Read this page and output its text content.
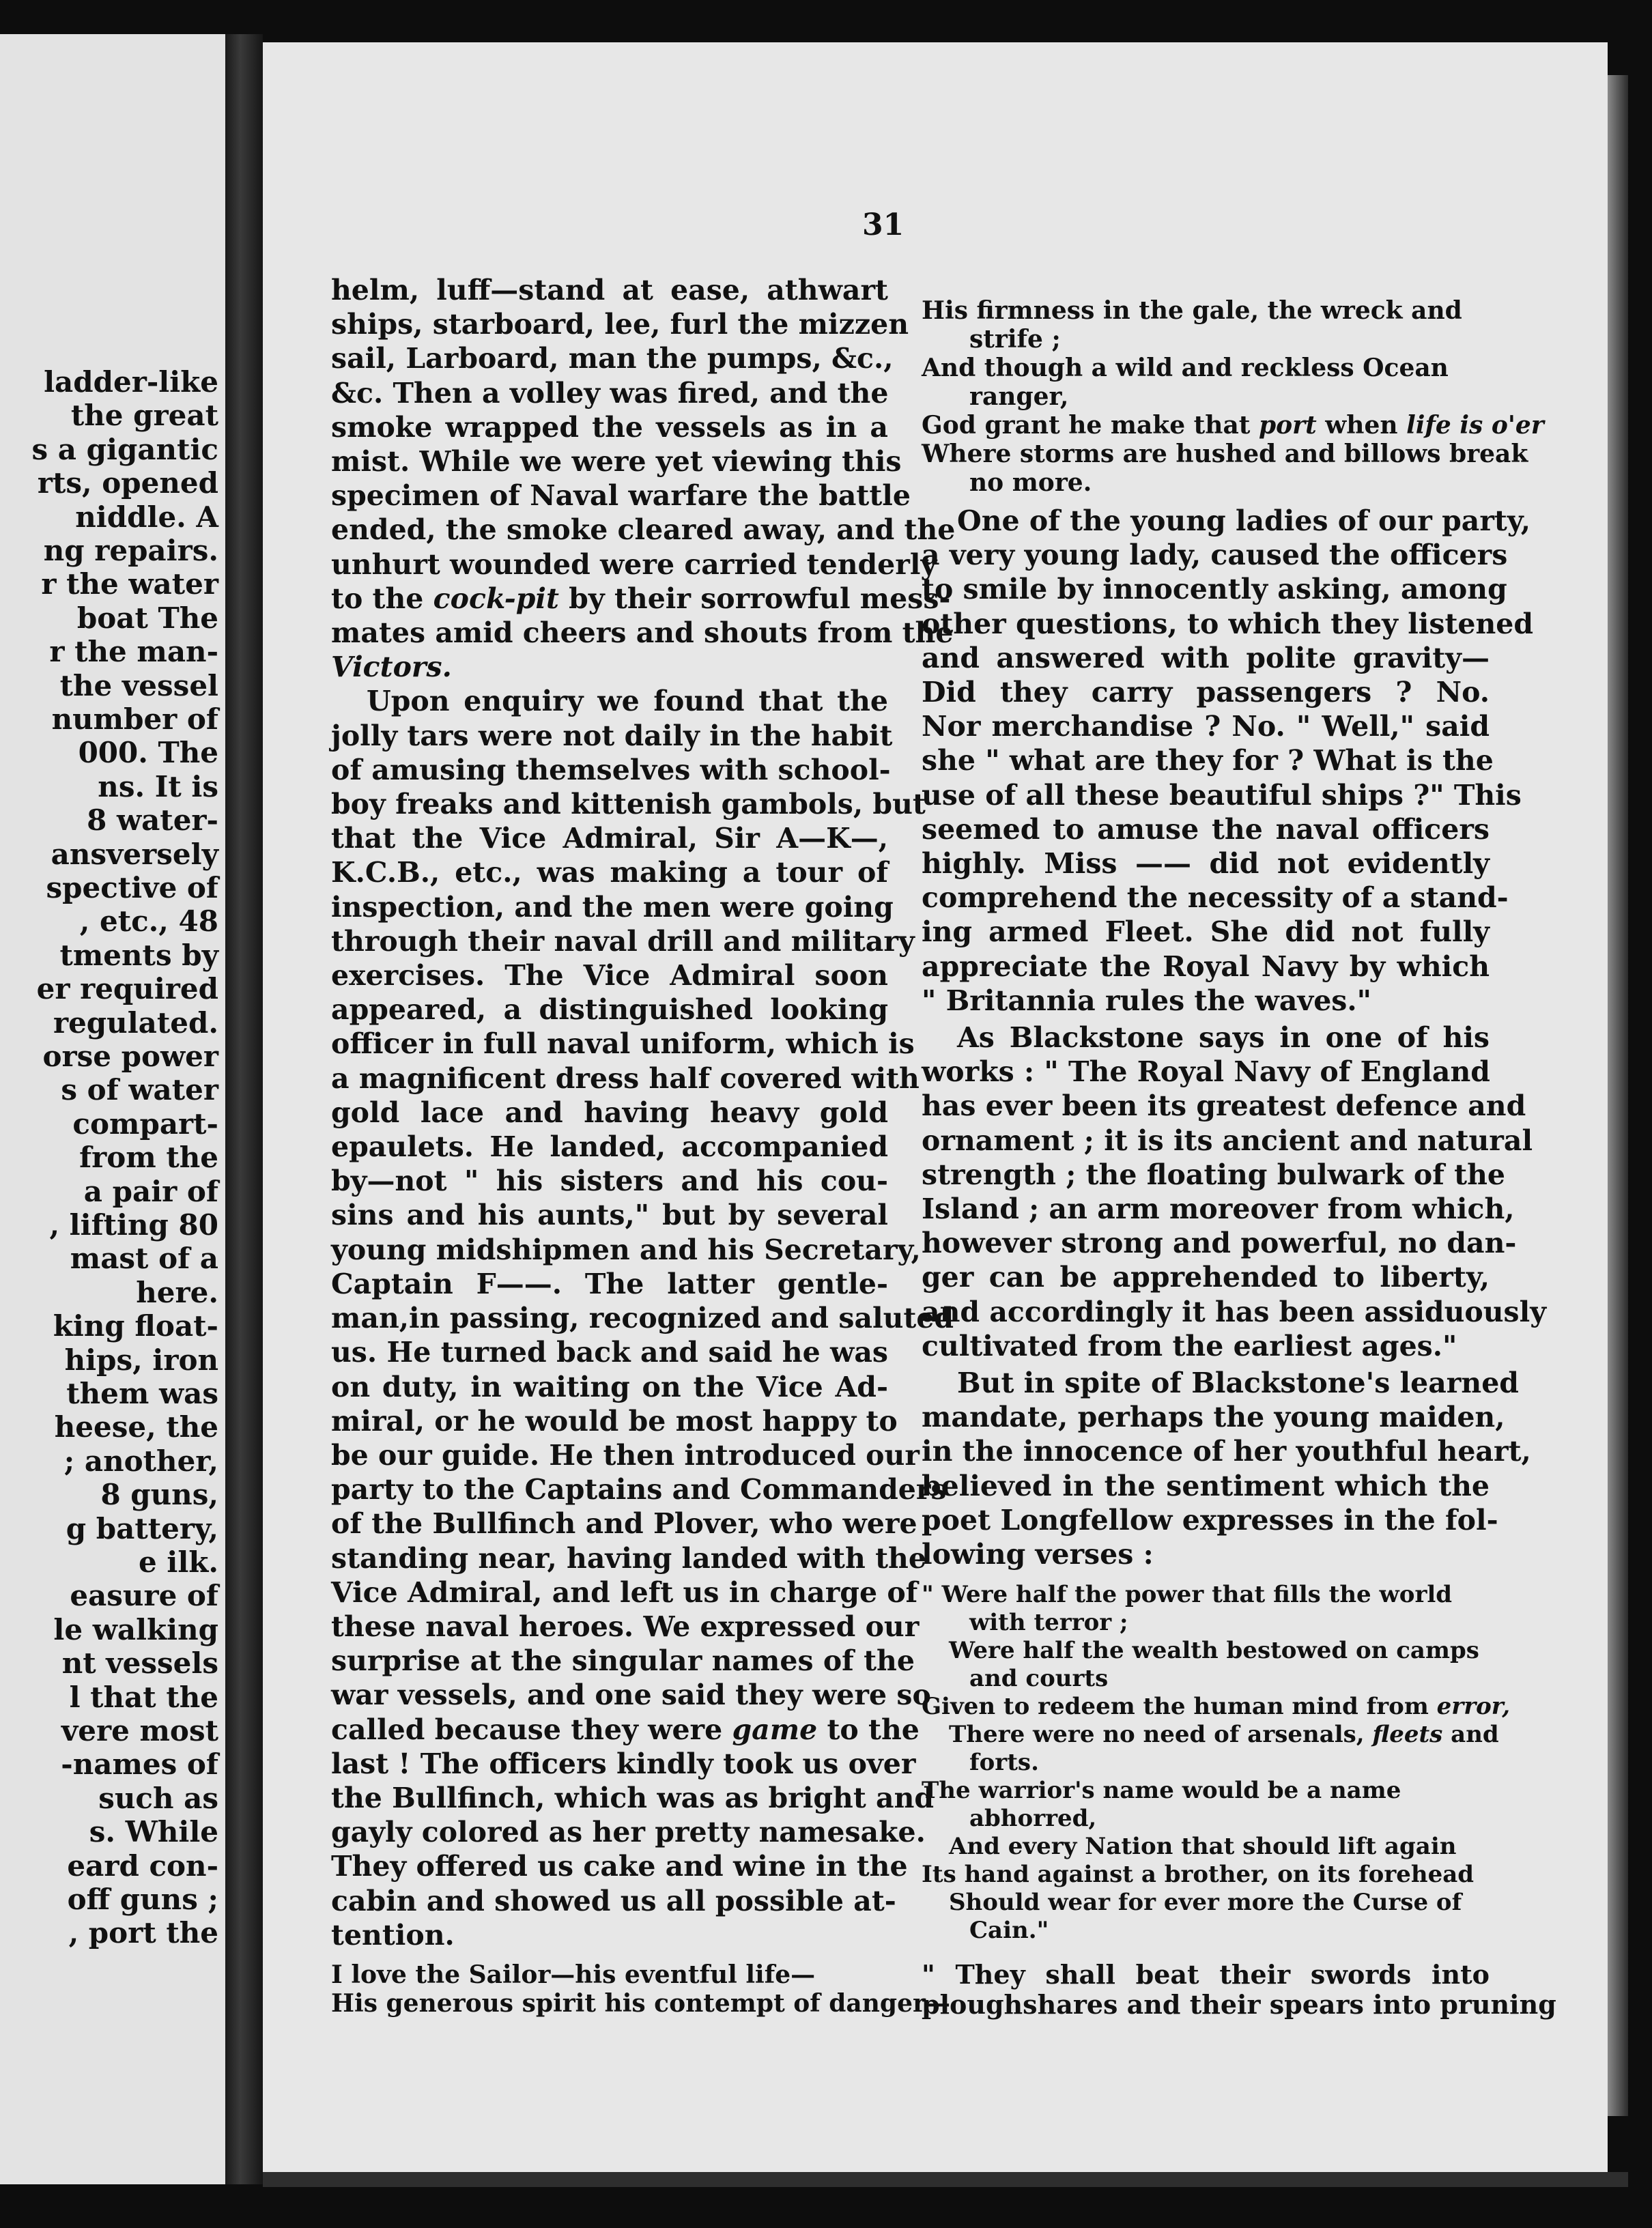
ladder-like
the great
s a gigantic
rts, opened
niddle. A
ng repairs.
r the water
boat The
r the man-
the vessel
number of
000. The
ns. It is
8 water-
ansversely
spective of
, etc., 48
tments by
er required
regulated.
orse power
s of water
compart-
from the
a pair of
, lifting 80
mast of a
here.
king float-
hips, iron
them was
heese, the
; another,
8 guns,
g battery,
e ilk.
easure of
le walking
nt vessels
l that the
vere most
-names of
such as
s. While
eard con-
off guns ;
, port the
31
helm, luff—stand at ease, athwart
ships, starboard, lee, furl the mizzen
sail, Larboard, man the pumps, &c.,
&c. Then a volley was fired, and the
smoke wrapped the vessels as in a
mist. While we were yet viewing this
specimen of Naval warfare the battle
ended, the smoke cleared away, and the
unhurt wounded were carried tenderly
to the cock-pit by their sorrowful mess-
mates amid cheers and shouts from the
Victors.
Upon enquiry we found that the
jolly tars were not daily in the habit
of amusing themselves with school-
boy freaks and kittenish gambols, but
that the Vice Admiral, Sir A—K—,
K.C.B., etc., was making a tour of
inspection, and the men were going
through their naval drill and military
exercises. The Vice Admiral soon
appeared, a distinguished looking
officer in full naval uniform, which is
a magnificent dress half covered with
gold lace and having heavy gold
epaulets. He landed, accompanied
by—not " his sisters and his cou-
sins and his aunts," but by several
young midshipmen and his Secretary,
Captain F——. The latter gentle-
man,in passing, recognized and saluted
us. He turned back and said he was
on duty, in waiting on the Vice Ad-
miral, or he would be most happy to
be our guide. He then introduced our
party to the Captains and Commanders
of the Bullfinch and Plover, who were
standing near, having landed with the
Vice Admiral, and left us in charge of
these naval heroes. We expressed our
surprise at the singular names of the
war vessels, and one said they were so
called because they were game to the
last ! The officers kindly took us over
the Bullfinch, which was as bright and
gayly colored as her pretty namesake.
They offered us cake and wine in the
cabin and showed us all possible at-
tention.
I love the Sailor—his eventful life—
His generous spirit his contempt of danger—
His firmness in the gale, the wreck and
strife ;
And though a wild and reckless Ocean
ranger,
God grant he make that port when life is o'er
Where storms are hushed and billows break
no more.
One of the young ladies of our party,
a very young lady, caused the officers
to smile by innocently asking, among
other questions, to which they listened
and answered with polite gravity—
Did they carry passengers ? No.
Nor merchandise ? No. " Well," said
she " what are they for ? What is the
use of all these beautiful ships ?" This
seemed to amuse the naval officers
highly. Miss —— did not evidently
comprehend the necessity of a stand-
ing armed Fleet. She did not fully
appreciate the Royal Navy by which
" Britannia rules the waves."
As Blackstone says in one of his
works : " The Royal Navy of England
has ever been its greatest defence and
ornament ; it is its ancient and natural
strength ; the floating bulwark of the
Island ; an arm moreover from which,
however strong and powerful, no dan-
ger can be apprehended to liberty,
and accordingly it has been assiduously
cultivated from the earliest ages."
But in spite of Blackstone's learned
mandate, perhaps the young maiden,
in the innocence of her youthful heart,
believed in the sentiment which the
poet Longfellow expresses in the fol-
lowing verses :
" Were half the power that fills the world
with terror ;
Were half the wealth bestowed on camps
and courts
Given to redeem the human mind from error,
There were no need of arsenals, fleets and
forts.
The warrior's name would be a name
abhorred,
And every Nation that should lift again
Its hand against a brother, on its forehead
Should wear for ever more the Curse of
Cain."
" They shall beat their swords into
ploughshares and their spears into pruning
